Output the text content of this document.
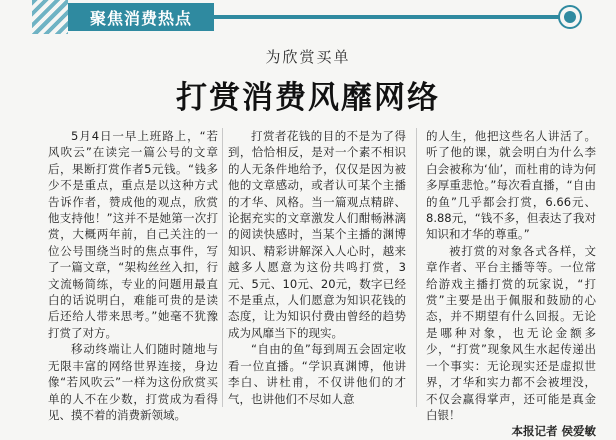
聚焦消费热点
为欣赏买单
打赏消费风靡网络

5月4日一早上班路上，“若风吹云”在读完一篇公号的文章后，果断打赏作者5元钱。“钱多少不是重点，重点是以这种方式告诉作者，赞成他的观点，欣赏他支持他！”这并不是她第一次打赏，大概两年前，自己关注的一位公号围绕当时的焦点事件，写了一篇文章，“架构丝丝入扣，行文流畅简练，专业的问题用最直白的话说明白，难能可贵的是读后还给人带来思考。”她毫不犹豫打赏了对方。

移动终端让人们随时随地与无限丰富的网络世界连接，身边像“若风吹云”一样为这份欣赏买单的人不在少数，打赏成为看得见、摸不着的消费新领域。

打赏者花钱的目的不是为了得到，恰恰相反，是对一个素不相识的人无条件地给予，仅仅是因为被他的文章感动，或者认可某个主播的才华、风格。当一篇观点精辟、论据充实的文章激发人们酣畅淋漓的阅读快感时，当某个主播的渊博知识、精彩讲解深入人心时，越来越多人愿意为这份共鸣打赏，3元、5元、10元、20元，数字已经不是重点，人们愿意为知识花钱的态度，让为知识付费由曾经的趋势成为风靡当下的现实。

“自由的鱼”每到周五会固定收看一位直播。“学识真渊博，他讲李白、讲杜甫，不仅讲他们的才气，也讲他们不尽如人意

的人生，他把这些名人讲活了。听了他的课，就会明白为什么李白会被称为‘仙’，而杜甫的诗为何多厚重悲怆。”每次看直播，“自由的鱼”几乎都会打赏，6.66元、8.88元，“钱不多，但表达了我对知识和才华的尊重。”

被打赏的对象各式各样，文章作者、平台主播等等。一位常给游戏主播打赏的玩家说，“打赏”主要是出于佩服和鼓励的心态，并不期望有什么回报。无论是哪种对象，也无论金额多少，“打赏”现象风生水起传递出一个事实：无论现实还是虚拟世界，才华和实力都不会被埋没，不仅会赢得掌声，还可能是真金白银！

本报记者 侯爱敏
